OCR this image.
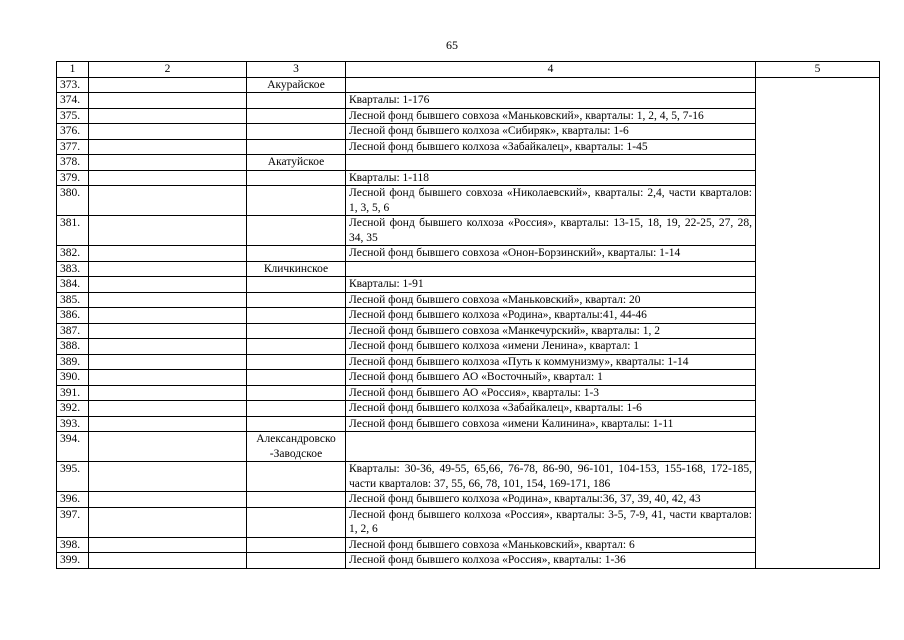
65
1	2	3	4	5
373.		Акурайское		
374.			Кварталы: 1-176	
375.			Лесной фонд бывшего совхоза «Маньковский», кварталы: 1, 2, 4, 5, 7-16	
376.			Лесной фонд бывшего колхоза «Сибиряк», кварталы: 1-6	
377.			Лесной фонд бывшего колхоза «Забайкалец», кварталы: 1-45	
378.		Акатуйское		
379.			Кварталы: 1-118	
380.			Лесной фонд бывшего совхоза «Николаевский», кварталы: 2,4, части кварталов: 1, 3, 5, 6	
381.			Лесной фонд бывшего колхоза «Россия», кварталы: 13-15, 18, 19, 22-25, 27, 28, 34, 35	
382.			Лесной фонд бывшего совхоза «Онон-Борзинский», кварталы: 1-14	
383.		Кличкинское		
384.			Кварталы: 1-91	
385.			Лесной фонд бывшего совхоза «Маньковский», квартал: 20	
386.			Лесной фонд бывшего колхоза «Родина», кварталы:41, 44-46	
387.			Лесной фонд бывшего совхоза «Манкечурский», кварталы: 1, 2	
388.			Лесной фонд бывшего колхоза «имени Ленина», квартал: 1	
389.			Лесной фонд бывшего колхоза «Путь к коммунизму», кварталы: 1-14	
390.			Лесной фонд бывшего АО «Восточный», квартал: 1	
391.			Лесной фонд бывшего АО «Россия», кварталы: 1-3	
392.			Лесной фонд бывшего колхоза «Забайкалец», кварталы: 1-6	
393.			Лесной фонд бывшего совхоза «имени Калинина», кварталы: 1-11	
394.		Александровско -Заводское		
395.			Кварталы: 30-36, 49-55, 65,66, 76-78, 86-90, 96-101, 104-153, 155-168, 172-185, части кварталов: 37, 55, 66, 78, 101, 154, 169-171, 186	
396.			Лесной фонд бывшего колхоза «Родина», кварталы:36, 37, 39, 40, 42, 43	
397.			Лесной фонд бывшего колхоза «Россия», кварталы: 3-5, 7-9, 41, части кварталов: 1, 2, 6	
398.			Лесной фонд бывшего совхоза «Маньковский», квартал: 6	
399.			Лесной фонд бывшего колхоза «Россия», кварталы: 1-36	
